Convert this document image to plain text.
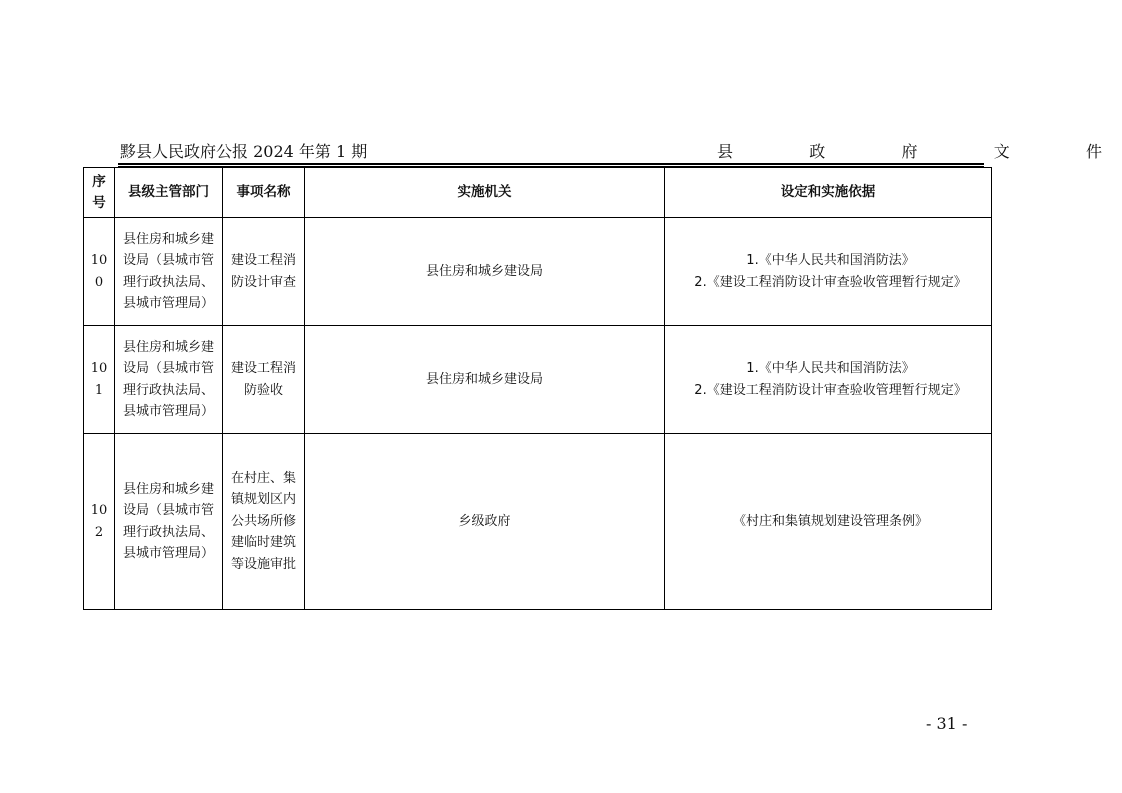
黟县人民政府公报 2024 年第 1 期	县	政	府	文	件
序号	县级主管部门	事项名称	实施机关	设定和实施依据
100	县住房和城乡建设局（县城市管理行政执法局、县城市管理局）	建设工程消防设计审查	县住房和城乡建设局	1.《中华人民共和国消防法》
2.《建设工程消防设计审查验收管理暂行规定》

101	县住房和城乡建设局（县城市管理行政执法局、县城市管理局）	建设工程消防验收	县住房和城乡建设局	1.《中华人民共和国消防法》
2.《建设工程消防设计审查验收管理暂行规定》

102	县住房和城乡建设局（县城市管理行政执法局、县城市管理局）	在村庄、集镇规划区内公共场所修建临时建筑等设施审批	乡级政府	《村庄和集镇规划建设管理条例》
- 31 -
